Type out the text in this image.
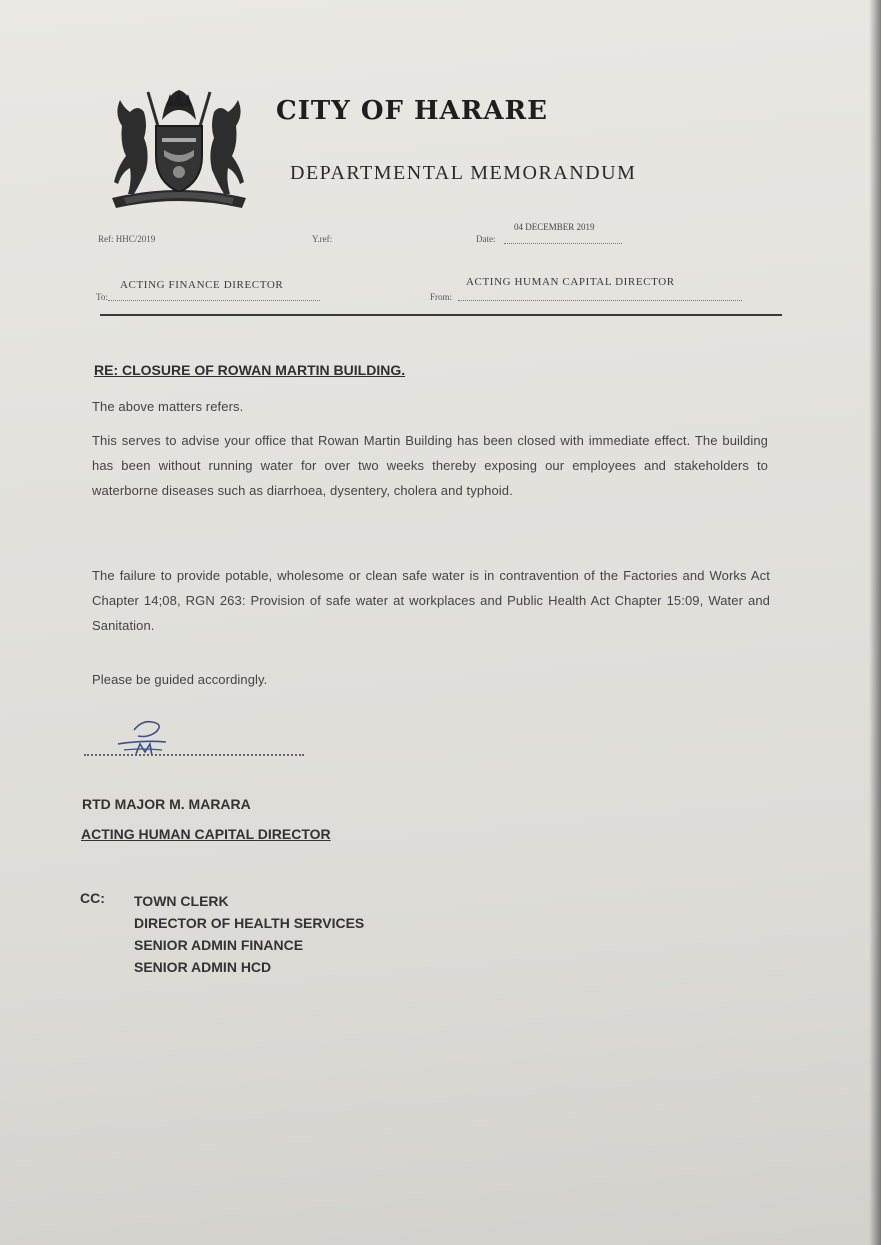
CITY OF HARARE
DEPARTMENTAL MEMORANDUM
Ref: HHC/2019	Y.ref:	Date:
04 DECEMBER 2019
To:
ACTING FINANCE DIRECTOR
From:
ACTING HUMAN CAPITAL DIRECTOR
RE: CLOSURE OF ROWAN MARTIN BUILDING.
The above matters refers.
This serves to advise your office that Rowan Martin Building has been closed with immediate effect. The building has been without running water for over two weeks thereby exposing our employees and stakeholders to waterborne diseases such as diarrhoea, dysentery, cholera and typhoid.
The failure to provide potable, wholesome or clean safe water is in contravention of the Factories and Works Act Chapter 14;08, RGN 263: Provision of safe water at workplaces and Public Health Act Chapter 15:09, Water and Sanitation.
Please be guided accordingly.
RTD MAJOR M. MARARA
ACTING HUMAN CAPITAL DIRECTOR
CC: TOWN CLERK
DIRECTOR OF HEALTH SERVICES
SENIOR ADMIN FINANCE
SENIOR ADMIN HCD
